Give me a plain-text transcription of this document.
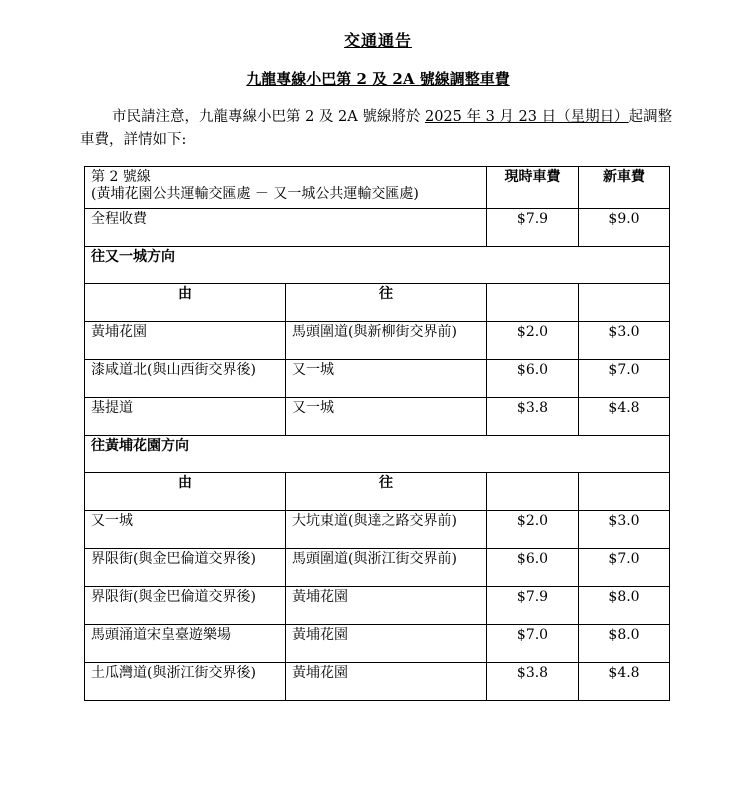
交通通告
九龍專線小巴第 2 及 2A 號線調整車費
市民請注意，九龍專線小巴第 2 及 2A 號線將於 2025 年 3 月 23 日（星期日）起調整車費，詳情如下:
第 2 號線
(黃埔花園公共運輸交匯處 － 又一城公共運輸交匯處)		現時車費	新車費
全程收費		$7.9	$9.0
往又一城方向			
由	往		
黃埔花園	馬頭圍道(與新柳街交界前)	$2.0	$3.0
漆咸道北(與山西街交界後)	又一城	$6.0	$7.0
基提道	又一城	$3.8	$4.8
往黃埔花園方向			
由	往		
又一城	大坑東道(與達之路交界前)	$2.0	$3.0
界限街(與金巴倫道交界後)	馬頭圍道(與浙江街交界前)	$6.0	$7.0
界限街(與金巴倫道交界後)	黃埔花園	$7.9	$8.0
馬頭涌道宋皇臺遊樂場	黃埔花園	$7.0	$8.0
土瓜灣道(與浙江街交界後)	黃埔花園	$3.8	$4.8
